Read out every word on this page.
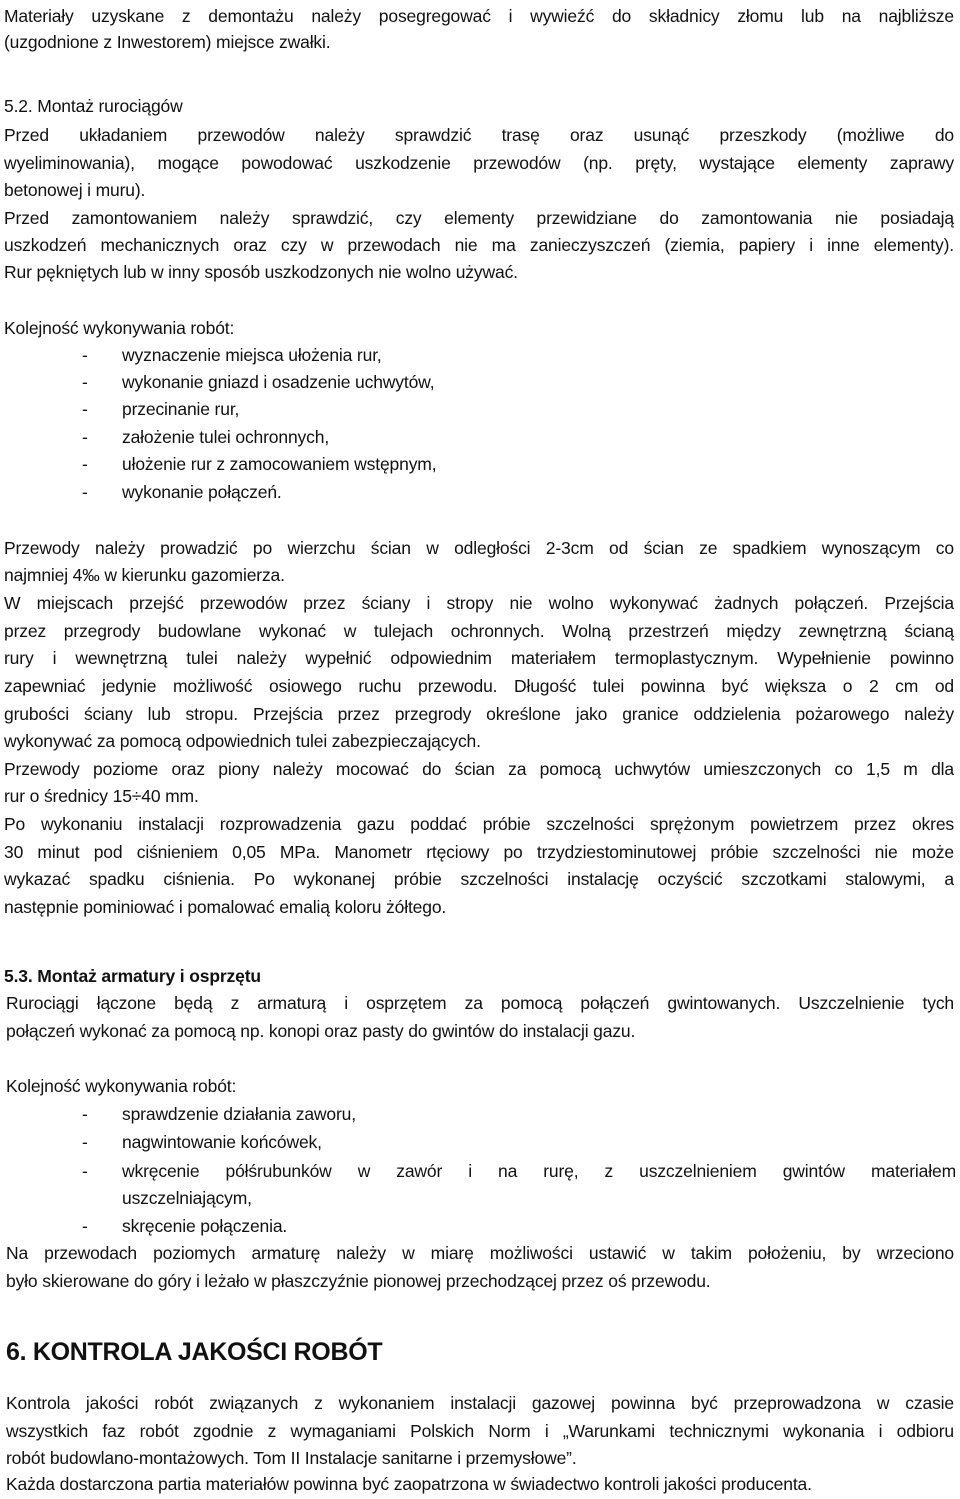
Materiały uzyskane z demontażu należy posegregować i wywieźć do składnicy złomu lub na najbliższe
(uzgodnione z Inwestorem) miejsce zwałki.
5.2. Montaż rurociągów
Przed układaniem przewodów należy sprawdzić trasę oraz usunąć przeszkody (możliwe do
wyeliminowania), mogące powodować uszkodzenie przewodów (np. pręty, wystające elementy zaprawy
betonowej i muru).
Przed zamontowaniem należy sprawdzić, czy elementy przewidziane do zamontowania nie posiadają
uszkodzeń mechanicznych oraz czy w przewodach nie ma zanieczyszczeń (ziemia, papiery i inne elementy).
Rur pękniętych lub w inny sposób uszkodzonych nie wolno używać.
Kolejność wykonywania robót:
- wyznaczenie miejsca ułożenia rur,
- wykonanie gniazd i osadzenie uchwytów,
- przecinanie rur,
- założenie tulei ochronnych,
- ułożenie rur z zamocowaniem wstępnym,
- wykonanie połączeń.
Przewody należy prowadzić po wierzchu ścian w odległości 2-3cm od ścian ze spadkiem wynoszącym co
najmniej 4‰ w kierunku gazomierza.
W miejscach przejść przewodów przez ściany i stropy nie wolno wykonywać żadnych połączeń. Przejścia
przez przegrody budowlane wykonać w tulejach ochronnych. Wolną przestrzeń między zewnętrzną ścianą
rury i wewnętrzną tulei należy wypełnić odpowiednim materiałem termoplastycznym. Wypełnienie powinno
zapewniać jedynie możliwość osiowego ruchu przewodu. Długość tulei powinna być większa o 2 cm od
grubości ściany lub stropu. Przejścia przez przegrody określone jako granice oddzielenia pożarowego należy
wykonywać za pomocą odpowiednich tulei zabezpieczających.
Przewody poziome oraz piony należy mocować do ścian za pomocą uchwytów umieszczonych co 1,5 m dla
rur o średnicy 15÷40 mm.
Po wykonaniu instalacji rozprowadzenia gazu poddać próbie szczelności sprężonym powietrzem przez okres
30 minut pod ciśnieniem 0,05 MPa. Manometr rtęciowy po trzydziestominutowej próbie szczelności nie może
wykazać spadku ciśnienia. Po wykonanej próbie szczelności instalację oczyścić szczotkami stalowymi, a
następnie pominiować i pomalować emalią koloru żółtego.
5.3. Montaż armatury i osprzętu
Rurociągi łączone będą z armaturą i osprzętem za pomocą połączeń gwintowanych. Uszczelnienie tych
połączeń wykonać za pomocą np. konopi oraz pasty do gwintów do instalacji gazu.
Kolejność wykonywania robót:
- sprawdzenie działania zaworu,
- nagwintowanie końcówek,
- wkręcenie półśrubunków w zawór i na rurę, z uszczelnieniem gwintów materiałem
uszczelniającym,
- skręcenie połączenia.
Na przewodach poziomych armaturę należy w miarę możliwości ustawić w takim położeniu, by wrzeciono
było skierowane do góry i leżało w płaszczyźnie pionowej przechodzącej przez oś przewodu.
6. KONTROLA JAKOŚCI ROBÓT
Kontrola jakości robót związanych z wykonaniem instalacji gazowej powinna być przeprowadzona w czasie
wszystkich faz robót zgodnie z wymaganiami Polskich Norm i „Warunkami technicznymi wykonania i odbioru
robót budowlano-montażowych. Tom II Instalacje sanitarne i przemysłowe”.
Każda dostarczona partia materiałów powinna być zaopatrzona w świadectwo kontroli jakości producenta.
